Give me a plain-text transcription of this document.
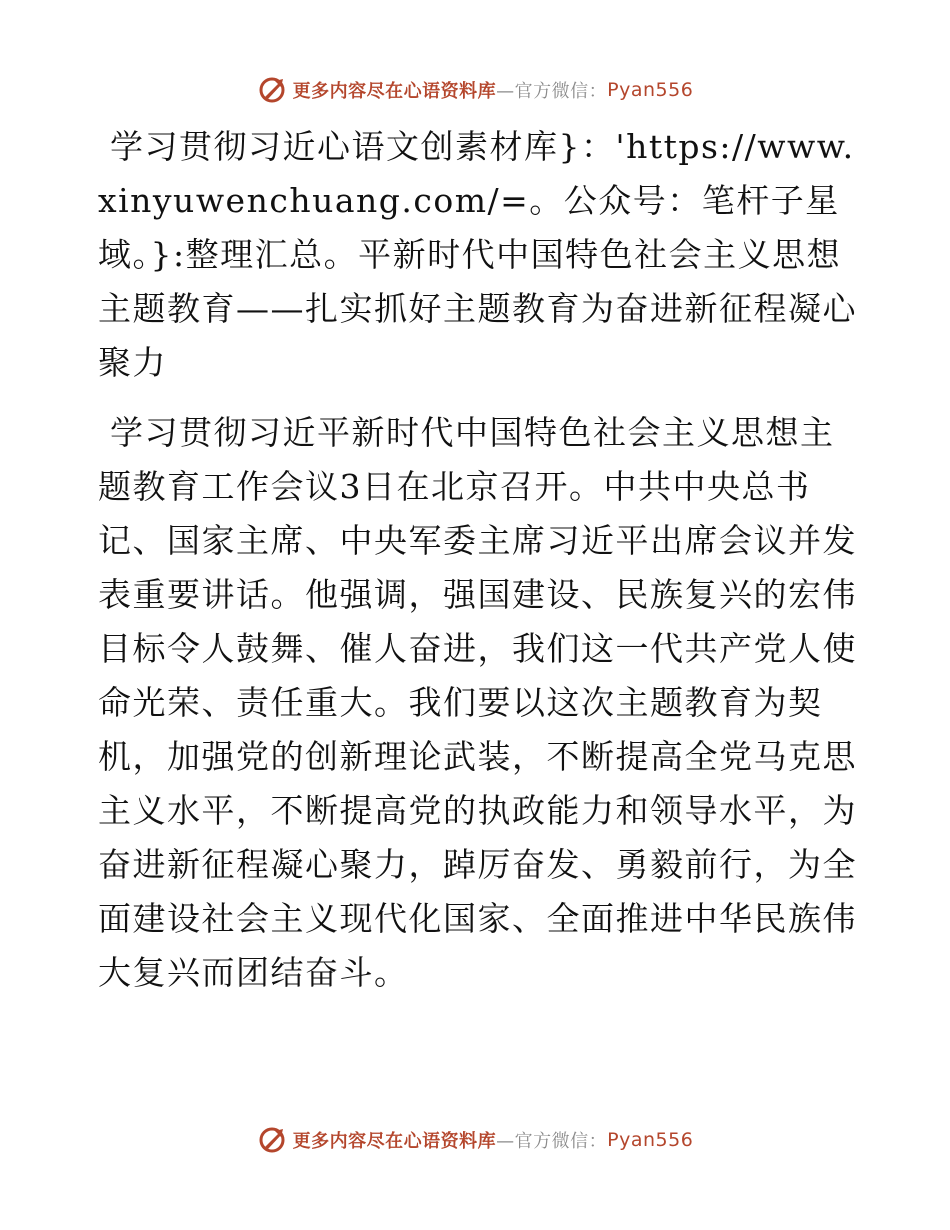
更多内容尽在心语资料库 —官方微信： Pyan556

学习贯彻习近心语文创素材库}：'https://www.xinyuwenchuang.com/=。公众号：笔杆子星域。}:整理汇总。平新时代中国特色社会主义思想主题教育——扎实抓好主题教育为奋进新征程凝心聚力

学习贯彻习近平新时代中国特色社会主义思想主题教育工作会议3日在北京召开。中共中央总书记、国家主席、中央军委主席习近平出席会议并发表重要讲话。他强调，强国建设、民族复兴的宏伟目标令人鼓舞、催人奋进，我们这一代共产党人使命光荣、责任重大。我们要以这次主题教育为契机，加强党的创新理论武装，不断提高全党马克思主义水平，不断提高党的执政能力和领导水平，为奋进新征程凝心聚力，踔厉奋发、勇毅前行，为全面建设社会主义现代化国家、全面推进中华民族伟大复兴而团结奋斗。

更多内容尽在心语资料库 —官方微信： Pyan556
